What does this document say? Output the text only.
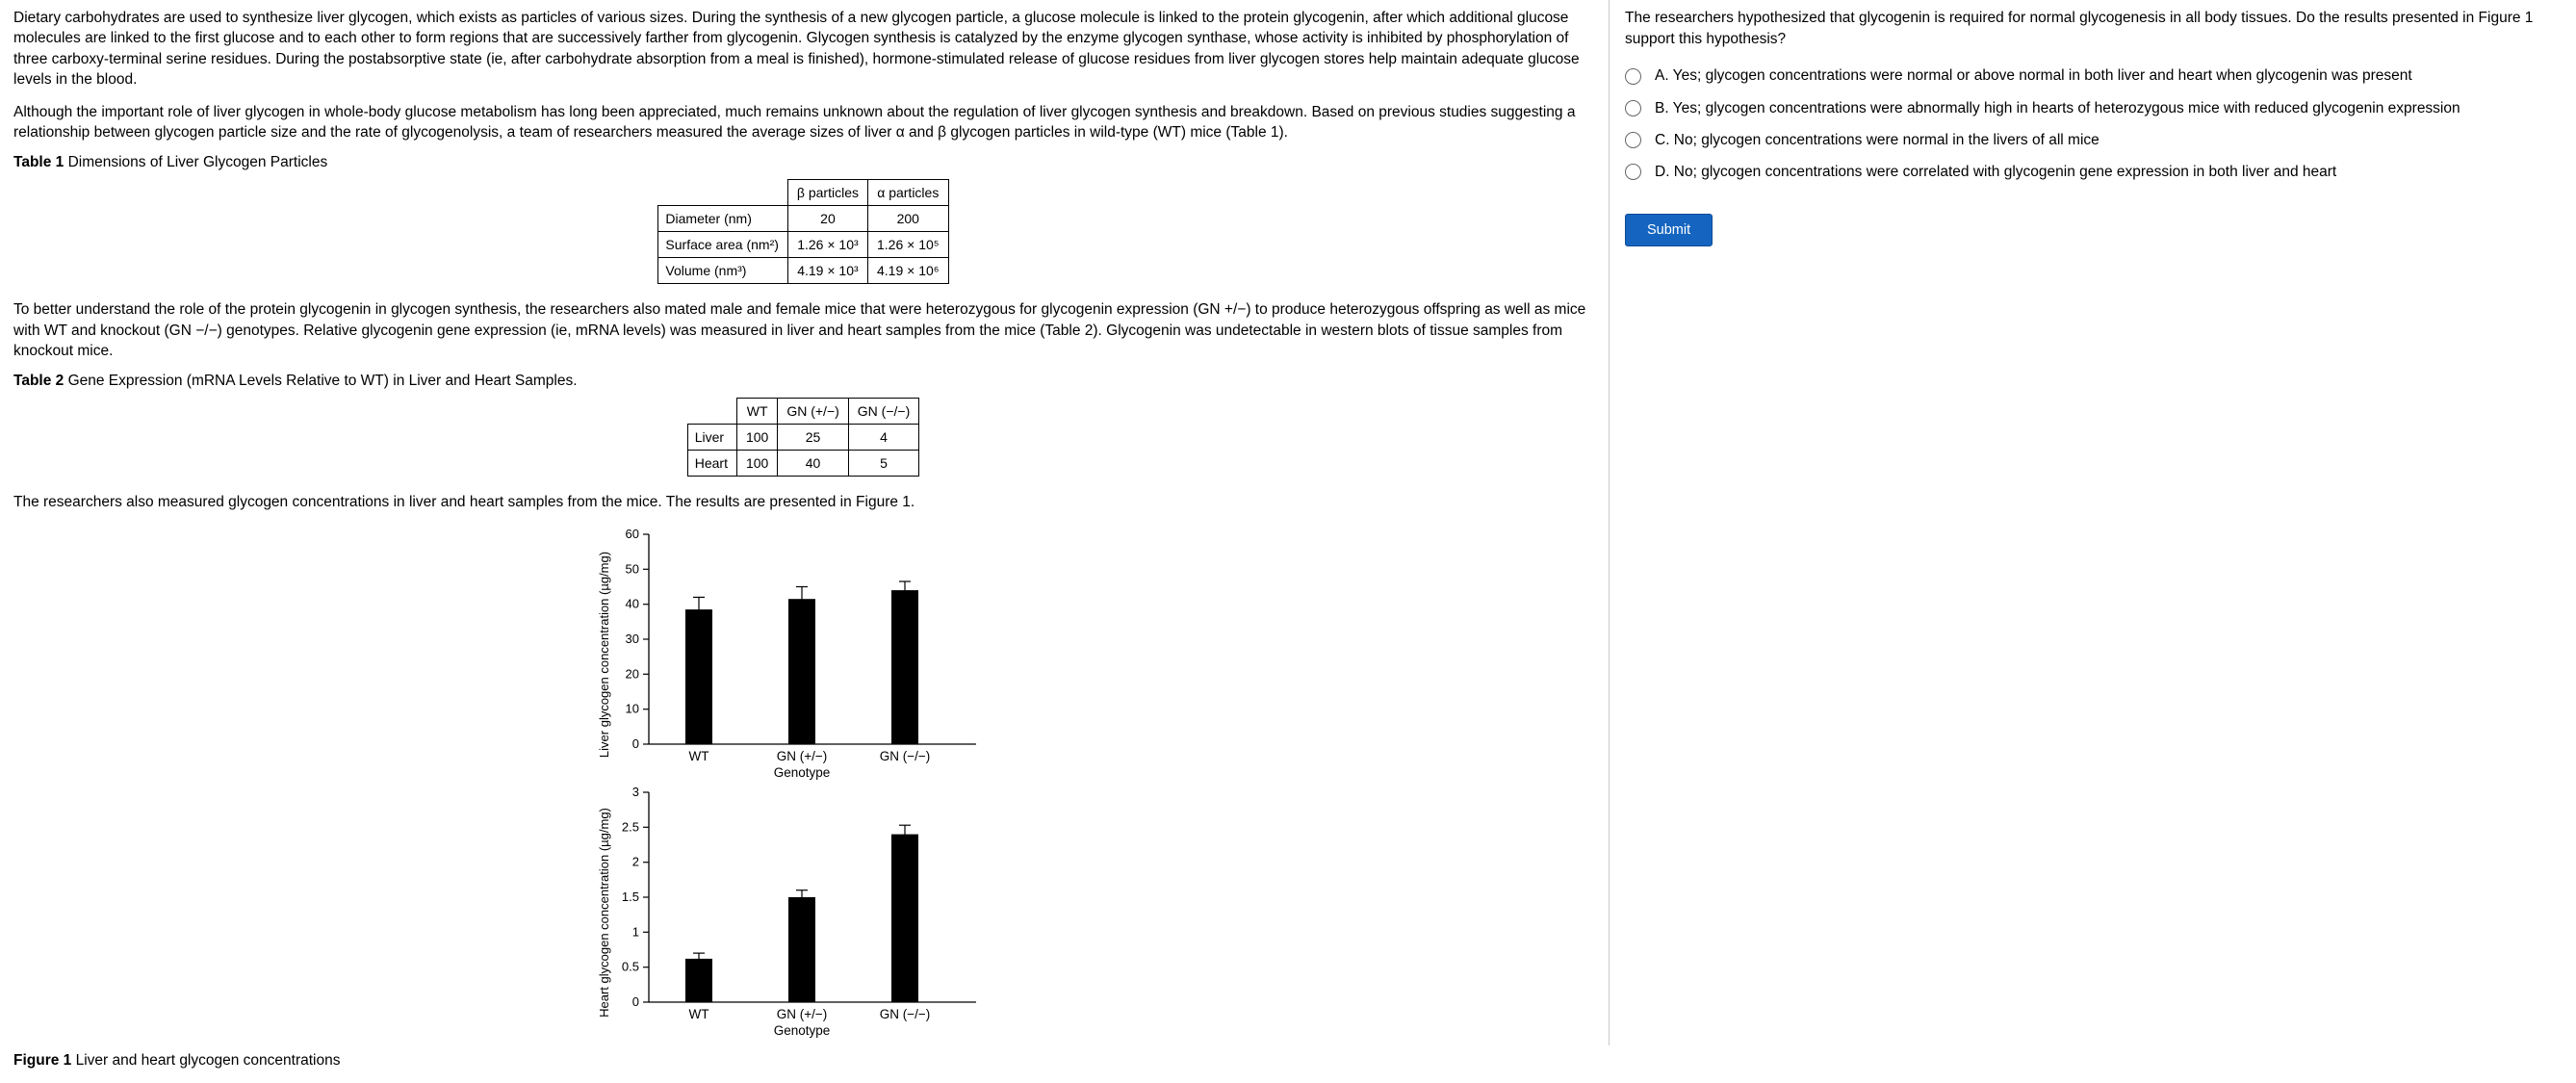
Dietary carbohydrates are used to synthesize liver glycogen, which exists as particles of various sizes. During the synthesis of a new glycogen particle, a glucose molecule is linked to the protein glycogenin, after which additional glucose molecules are linked to the first glucose and to each other to form regions that are successively farther from glycogenin. Glycogen synthesis is catalyzed by the enzyme glycogen synthase, whose activity is inhibited by phosphorylation of three carboxy-terminal serine residues. During the postabsorptive state (ie, after carbohydrate absorption from a meal is finished), hormone-stimulated release of glucose residues from liver glycogen stores help maintain adequate glucose levels in the blood.

Although the important role of liver glycogen in whole-body glucose metabolism has long been appreciated, much remains unknown about the regulation of liver glycogen synthesis and breakdown. Based on previous studies suggesting a relationship between glycogen particle size and the rate of glycogenolysis, a team of researchers measured the average sizes of liver α and β glycogen particles in wild-type (WT) mice (Table 1).

Table 1 Dimensions of Liver Glycogen Particles
	β particles	α particles
Diameter (nm)	20	200
Surface area (nm²)	1.26 × 10³	1.26 × 10⁵
Volume (nm³)	4.19 × 10³	4.19 × 10⁶

To better understand the role of the protein glycogenin in glycogen synthesis, the researchers also mated male and female mice that were heterozygous for glycogenin expression (GN +/−) to produce heterozygous offspring as well as mice with WT and knockout (GN −/−) genotypes. Relative glycogenin gene expression (ie, mRNA levels) was measured in liver and heart samples from the mice (Table 2). Glycogenin was undetectable in western blots of tissue samples from knockout mice.

Table 2 Gene Expression (mRNA Levels Relative to WT) in Liver and Heart Samples.
	WT	GN (+/−)	GN (−/−)
Liver	100	25	4
Heart	100	40	5

The researchers also measured glycogen concentrations in liver and heart samples from the mice. The results are presented in Figure 1.

Liver glycogen concentration (µg/mg) 0
10
20
30
40
50
60
WT	GN (+/−)	GN (−/−)
Genotype
Heart glycogen concentration (µg/mg) 0
0.5
1
1.5
2
2.5
3
WT	GN (+/−)	GN (−/−)
Genotype
Figure 1 Liver and heart glycogen concentrations

The researchers hypothesized that glycogenin is required for normal glycogenesis in all body tissues. Do the results presented in Figure 1 support this hypothesis?

A. Yes; glycogen concentrations were normal or above normal in both liver and heart when glycogenin was present
B. Yes; glycogen concentrations were abnormally high in hearts of heterozygous mice with reduced glycogenin expression
C. No; glycogen concentrations were normal in the livers of all mice
D. No; glycogen concentrations were correlated with glycogenin gene expression in both liver and heart
Submit
